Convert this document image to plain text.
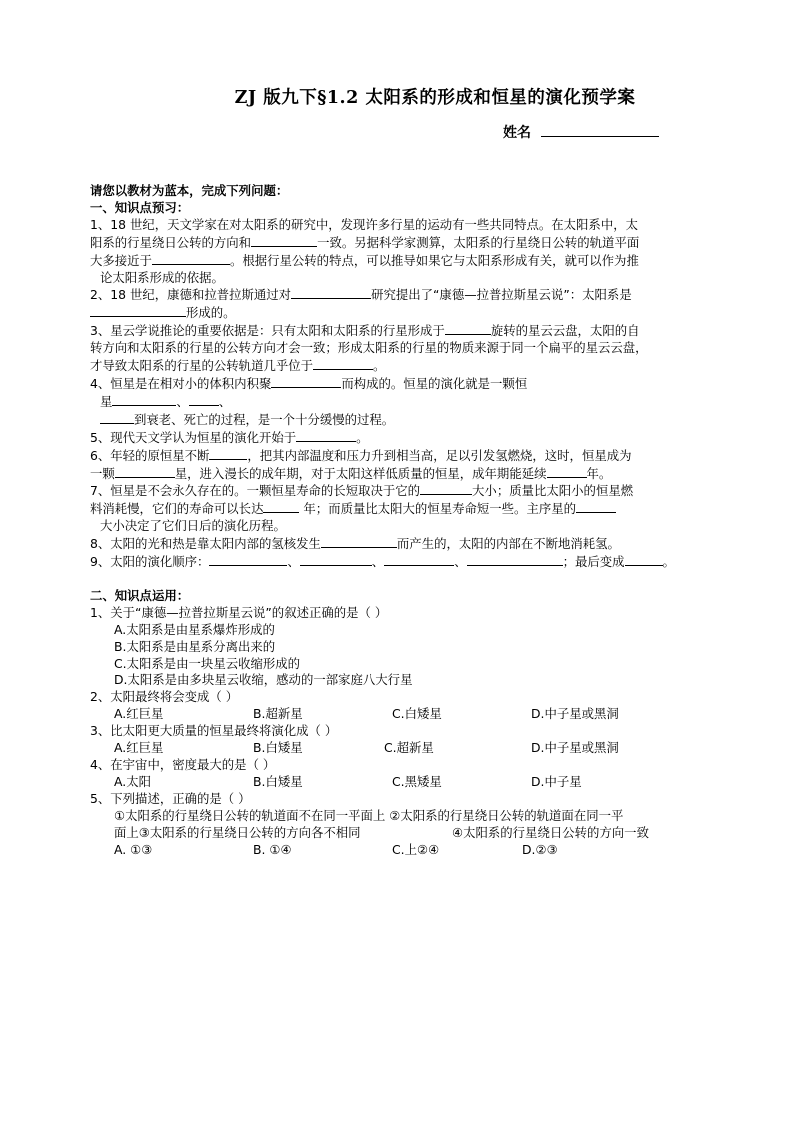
ZJ 版九下§1.2 太阳系的形成和恒星的演化预学案
姓名
请您以教材为蓝本，完成下列问题：
一、知识点预习：
1、18 世纪，天文学家在对太阳系的研究中，发现许多行星的运动有一些共同特点。在太阳系中，太
阳系的行星绕日公转的方向和	一致。另据科学家测算，太阳系的行星绕日公转的轨道平面
大多接近于	。根据行星公转的特点，可以推导如果它与太阳系形成有关，就可以作为推
论太阳系形成的依据。
2、18 世纪，康德和拉普拉斯通过对	研究提出了“康德—拉普拉斯星云说”：太阳系是
形成的。
3、星云学说推论的重要依据是：只有太阳和太阳系的行星形成于	旋转的星云云盘，太阳的自
转方向和太阳系的行星的公转方向才会一致；形成太阳系的行星的物质来源于同一个扁平的星云云盘，
才导致太阳系的行星的公转轨道几乎位于	。
4、恒星是在相对小的体积内积聚	而构成的。恒星的演化就是一颗恒
星	、 、
到衰老、死亡的过程，是一个十分缓慢的过程。
5、现代天文学认为恒星的演化开始于	。
6、年轻的原恒星不断	，把其内部温度和压力升到相当高，足以引发氢燃烧，这时，恒星成为
一颗	星，进入漫长的成年期，对于太阳这样低质量的恒星，成年期能延续	年。
7、恒星是不会永久存在的。一颗恒星寿命的长短取决于它的	大小；质量比太阳小的恒星燃
料消耗慢，它们的寿命可以长达	年；而质量比太阳大的恒星寿命短一些。主序星的
大小决定了它们日后的演化历程。
8、太阳的光和热是靠太阳内部的氢核发生	而产生的，太阳的内部在不断地消耗氢。
9、太阳的演化顺序：	、	、	、	；最后变成	。
二、知识点运用：
1、关于“康德—拉普拉斯星云说”的叙述正确的是（ ）
A.太阳系是由星系爆炸形成的
B.太阳系是由星系分离出来的
C.太阳系是由一块星云收缩形成的
D.太阳系是由多块星云收缩，感动的一部家庭八大行星
2、太阳最终将会变成（ ）
A.红巨星	B.超新星	C.白矮星	D.中子星或黑洞
3、比太阳更大质量的恒星最终将演化成（ ）
A.红巨星	B.白矮星	C.超新星	D.中子星或黑洞
4、在宇宙中，密度最大的是（ ）
A.太阳	B.白矮星	C.黑矮星	D.中子星
5、下列描述，正确的是（ ）
①太阳系的行星绕日公转的轨道面不在同一平面上 ②太阳系的行星绕日公转的轨道面在同一平
面上③太阳系的行星绕日公转的方向各不相同	④太阳系的行星绕日公转的方向一致
A. ①③	B. ①④	C.上②④	D.②③
